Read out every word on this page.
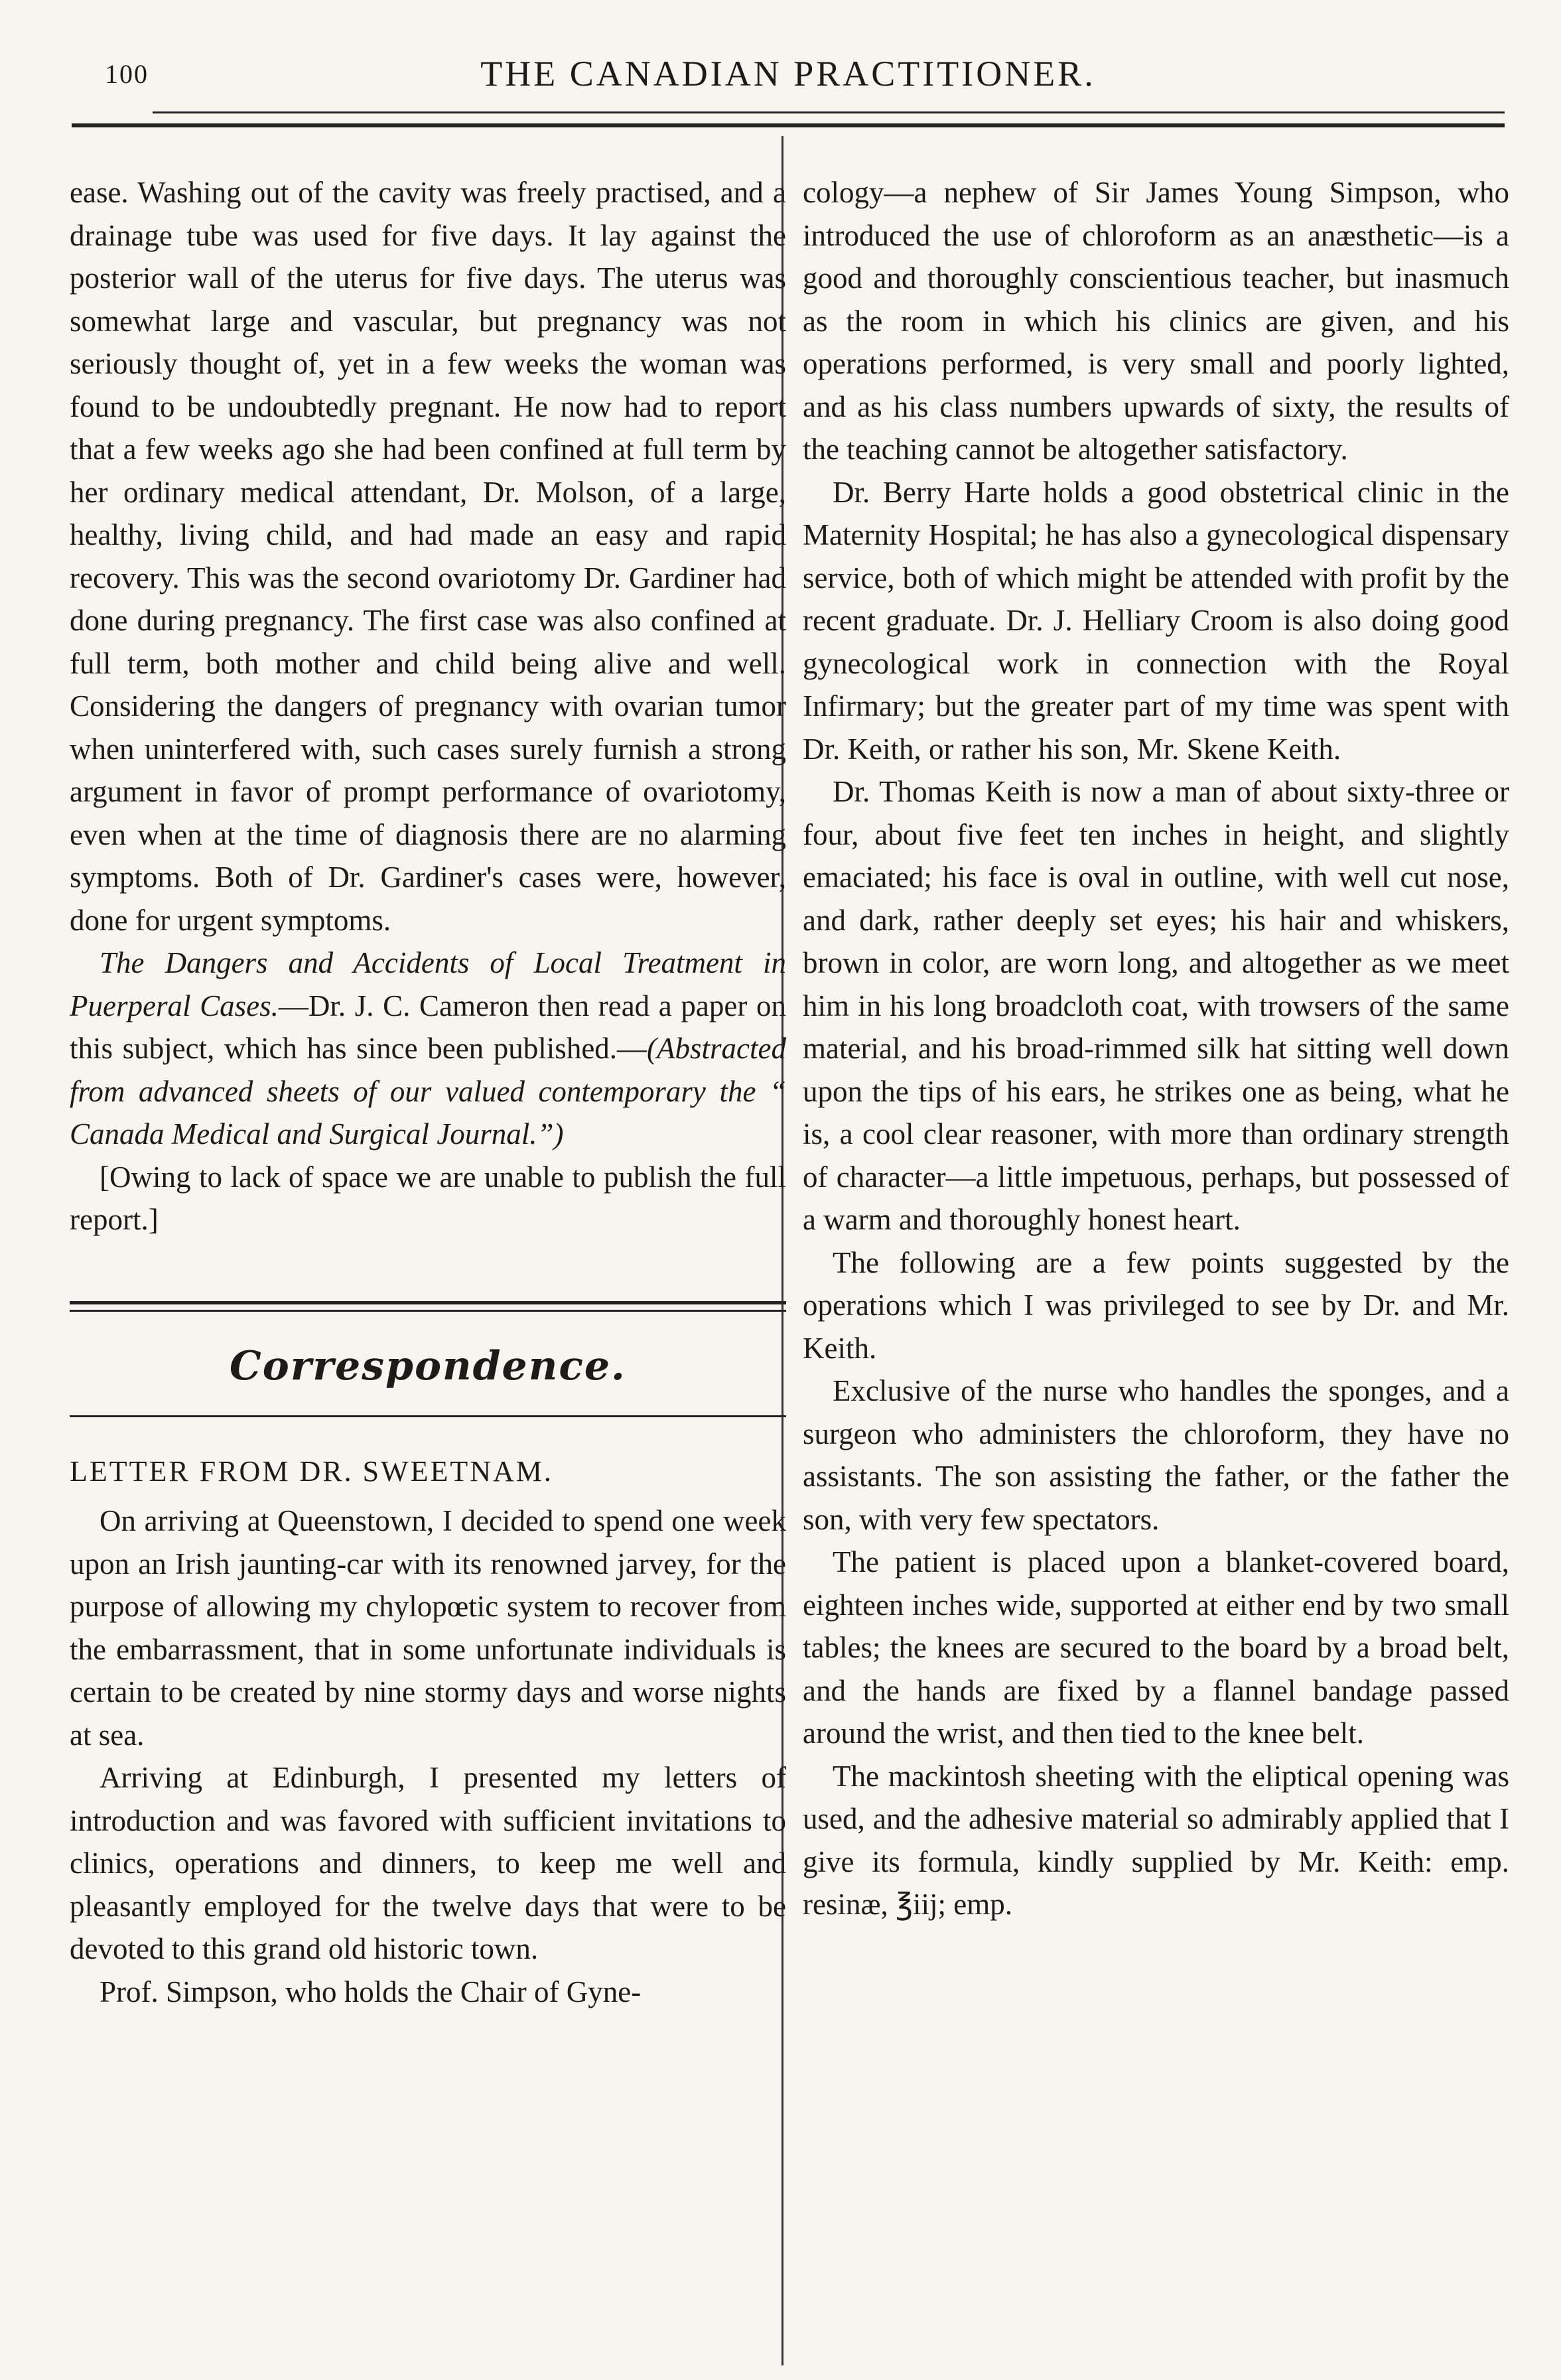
100	THE CANADIAN PRACTITIONER.

ease. Washing out of the cavity was freely practised, and a drainage tube was used for five days. It lay against the posterior wall of the uterus for five days. The uterus was somewhat large and vascular, but pregnancy was not seriously thought of, yet in a few weeks the woman was found to be undoubtedly pregnant. He now had to report that a few weeks ago she had been confined at full term by her ordinary medical attendant, Dr. Molson, of a large, healthy, living child, and had made an easy and rapid recovery. This was the second ovariotomy Dr. Gardiner had done during pregnancy. The first case was also confined at full term, both mother and child being alive and well. Considering the dangers of pregnancy with ovarian tumor when uninterfered with, such cases surely furnish a strong argument in favor of prompt performance of ovariotomy, even when at the time of diagnosis there are no alarming symptoms. Both of Dr. Gardiner's cases were, however, done for urgent symptoms.

The Dangers and Accidents of Local Treatment in Puerperal Cases.—Dr. J. C. Cameron then read a paper on this subject, which has since been published.—(Abstracted from advanced sheets of our valued contemporary the “ Canada Medical and Surgical Journal.”)

[Owing to lack of space we are unable to publish the full report.]

Correspondence.

LETTER FROM DR. SWEETNAM.

On arriving at Queenstown, I decided to spend one week upon an Irish jaunting-car with its renowned jarvey, for the purpose of allowing my chylopœtic system to recover from the embarrassment, that in some unfortunate individuals is certain to be created by nine stormy days and worse nights at sea.

Arriving at Edinburgh, I presented my letters of introduction and was favored with sufficient invitations to clinics, operations and dinners, to keep me well and pleasantly employed for the twelve days that were to be devoted to this grand old historic town.

Prof. Simpson, who holds the Chair of Gyne-

cology—a nephew of Sir James Young Simpson, who introduced the use of chloroform as an anæsthetic—is a good and thoroughly conscientious teacher, but inasmuch as the room in which his clinics are given, and his operations performed, is very small and poorly lighted, and as his class numbers upwards of sixty, the results of the teaching cannot be altogether satisfactory.

Dr. Berry Harte holds a good obstetrical clinic in the Maternity Hospital; he has also a gynecological dispensary service, both of which might be attended with profit by the recent graduate. Dr. J. Helliary Croom is also doing good gynecological work in connection with the Royal Infirmary; but the greater part of my time was spent with Dr. Keith, or rather his son, Mr. Skene Keith.

Dr. Thomas Keith is now a man of about sixty-three or four, about five feet ten inches in height, and slightly emaciated; his face is oval in outline, with well cut nose, and dark, rather deeply set eyes; his hair and whiskers, brown in color, are worn long, and altogether as we meet him in his long broadcloth coat, with trowsers of the same material, and his broad-rimmed silk hat sitting well down upon the tips of his ears, he strikes one as being, what he is, a cool clear reasoner, with more than ordinary strength of character—a little impetuous, perhaps, but possessed of a warm and thoroughly honest heart.

The following are a few points suggested by the operations which I was privileged to see by Dr. and Mr. Keith.

Exclusive of the nurse who handles the sponges, and a surgeon who administers the chloroform, they have no assistants. The son assisting the father, or the father the son, with very few spectators.

The patient is placed upon a blanket-covered board, eighteen inches wide, supported at either end by two small tables; the knees are secured to the board by a broad belt, and the hands are fixed by a flannel bandage passed around the wrist, and then tied to the knee belt.

The mackintosh sheeting with the eliptical opening was used, and the adhesive material so admirably applied that I give its formula, kindly supplied by Mr. Keith: emp. resinæ, ℥iij; emp.
